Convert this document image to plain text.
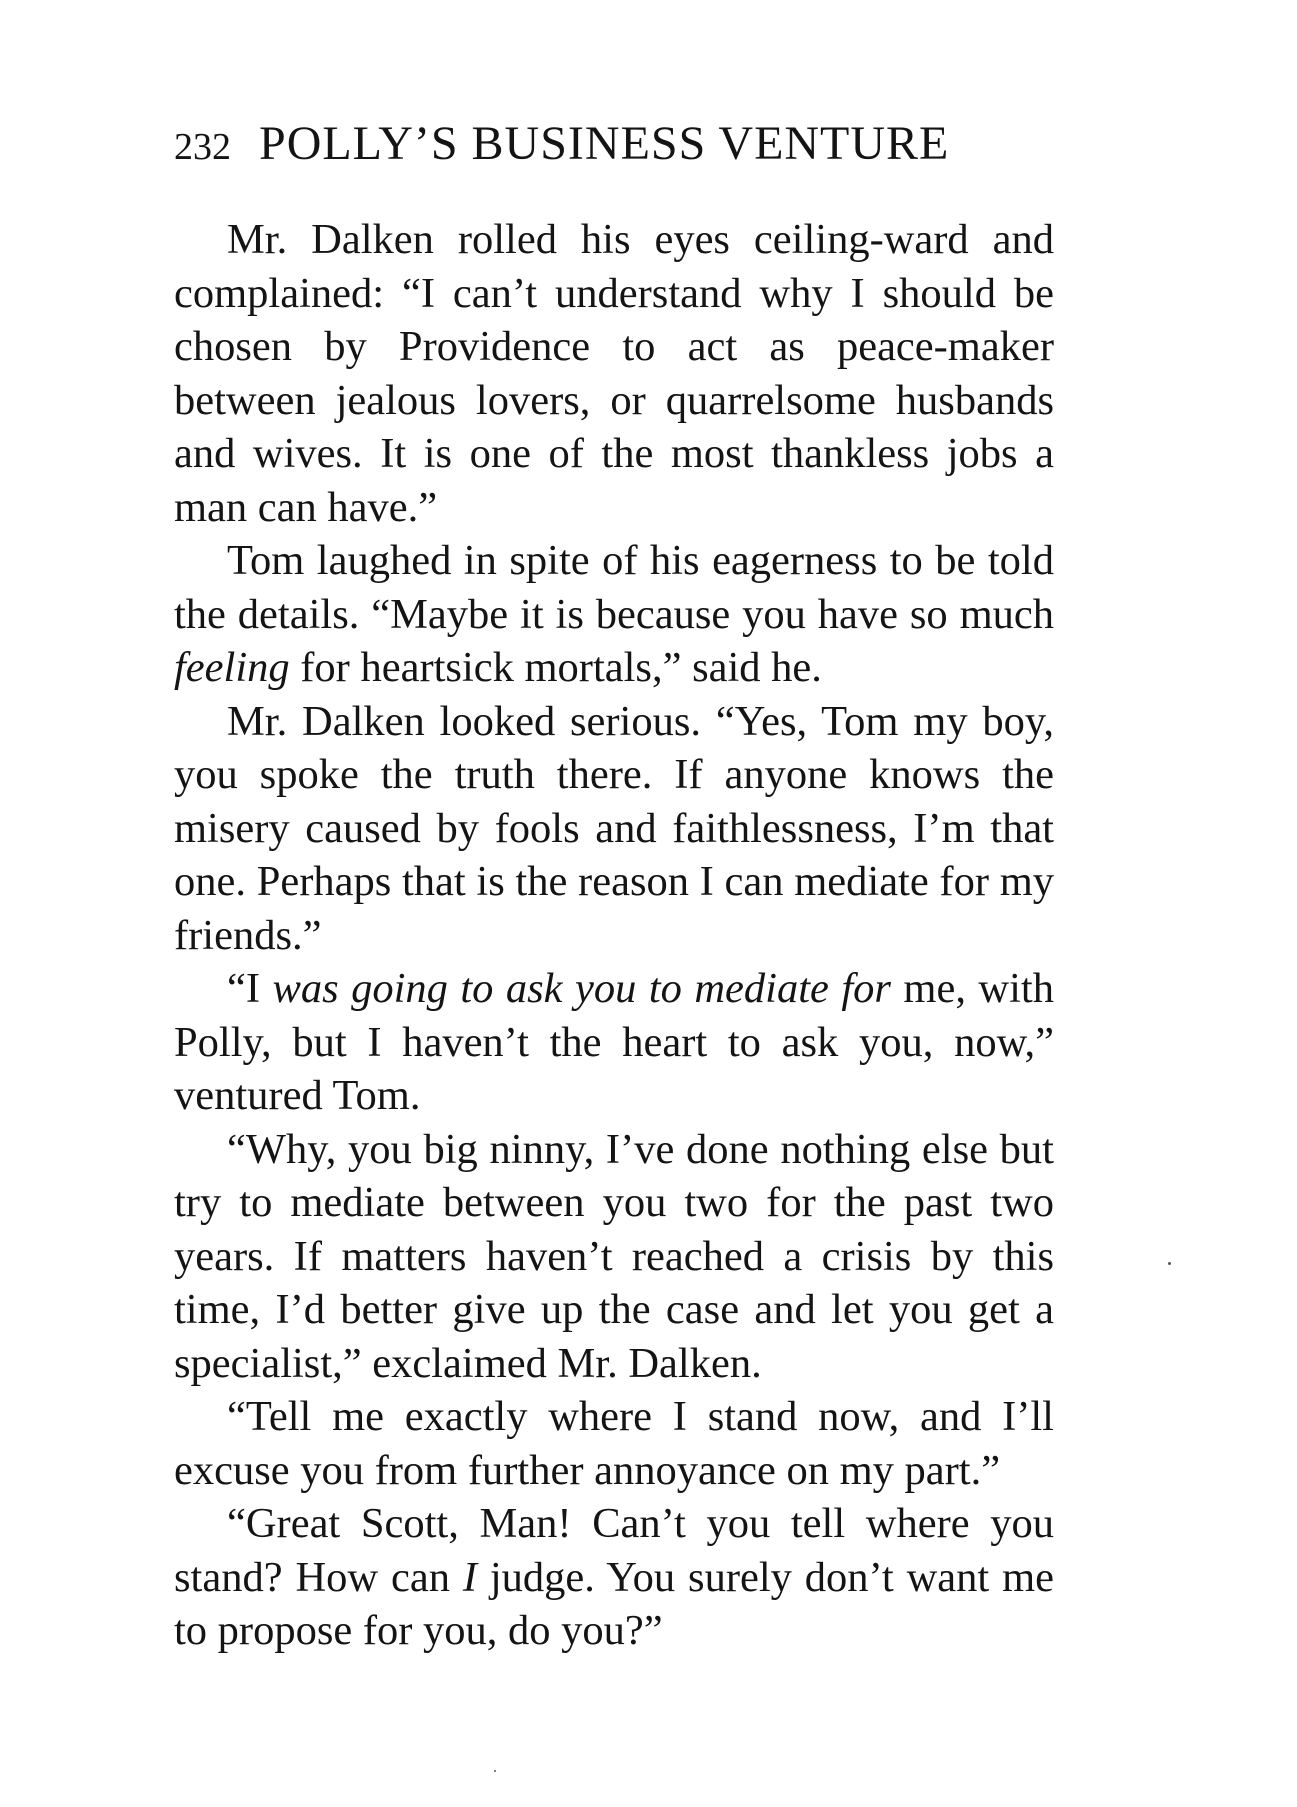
232 POLLY’S BUSINESS VENTURE

Mr. Dalken rolled his eyes ceiling-ward and complained: “I can’t understand why I should be chosen by Providence to act as peace-maker between jealous lovers, or quarrelsome husbands and wives. It is one of the most thankless jobs a man can have.”

Tom laughed in spite of his eagerness to be told the details. “Maybe it is because you have so much feeling for heartsick mortals,” said he.

Mr. Dalken looked serious. “Yes, Tom my boy, you spoke the truth there. If anyone knows the misery caused by fools and faithlessness, I’m that one. Perhaps that is the reason I can mediate for my friends.”

“I was going to ask you to mediate for me, with Polly, but I haven’t the heart to ask you, now,” ventured Tom.

“Why, you big ninny, I’ve done nothing else but try to mediate between you two for the past two years. If matters haven’t reached a crisis by this time, I’d better give up the case and let you get a specialist,” exclaimed Mr. Dalken.

“Tell me exactly where I stand now, and I’ll excuse you from further annoyance on my part.”

“Great Scott, Man! Can’t you tell where you stand? How can I judge. You surely don’t want me to propose for you, do you?”
